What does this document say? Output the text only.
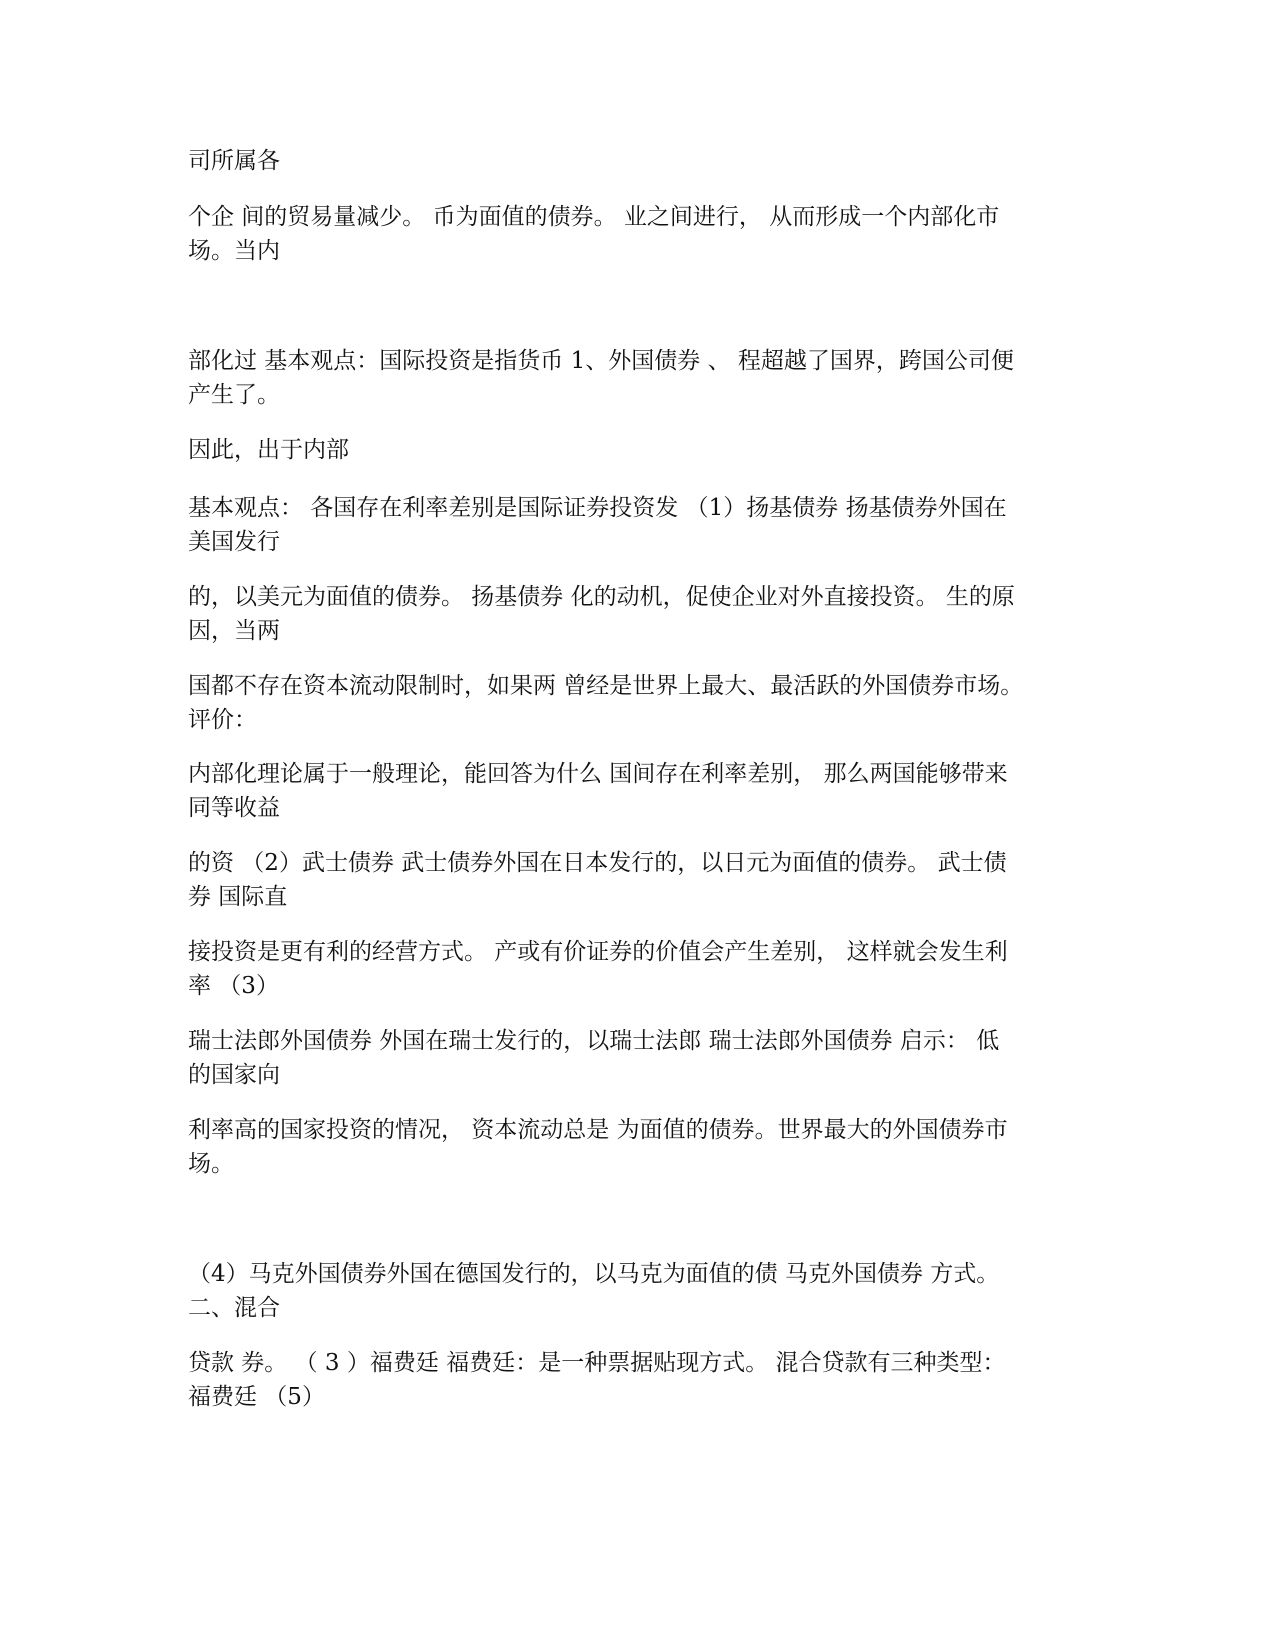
司所属各
个企 间的贸易量减少。 币为面值的债券。 业之间进行， 从而形成一个内部化市
场。当内
部化过 基本观点：国际投资是指货币 1、外国债券 、 程超越了国界，跨国公司便
产生了。
因此，出于内部
基本观点： 各国存在利率差别是国际证券投资发 （1）扬基债券 扬基债券外国在
美国发行
的，以美元为面值的债券。 扬基债券 化的动机，促使企业对外直接投资。 生的原
因，当两
国都不存在资本流动限制时，如果两 曾经是世界上最大、最活跃的外国债券市场。
评价：
内部化理论属于一般理论，能回答为什么 国间存在利率差别， 那么两国能够带来
同等收益
的资 （2）武士债券 武士债券外国在日本发行的，以日元为面值的债券。 武士债
券 国际直
接投资是更有利的经营方式。 产或有价证券的价值会产生差别， 这样就会发生利
率 （3）
瑞士法郎外国债券 外国在瑞士发行的，以瑞士法郎 瑞士法郎外国债券 启示： 低
的国家向
利率高的国家投资的情况， 资本流动总是 为面值的债券。世界最大的外国债券市
场。
（4）马克外国债券外国在德国发行的，以马克为面值的债 马克外国债券 方式。
二、混合
贷款 券。 （ 3 ）福费廷 福费廷：是一种票据贴现方式。 混合贷款有三种类型：
福费廷 （5）
